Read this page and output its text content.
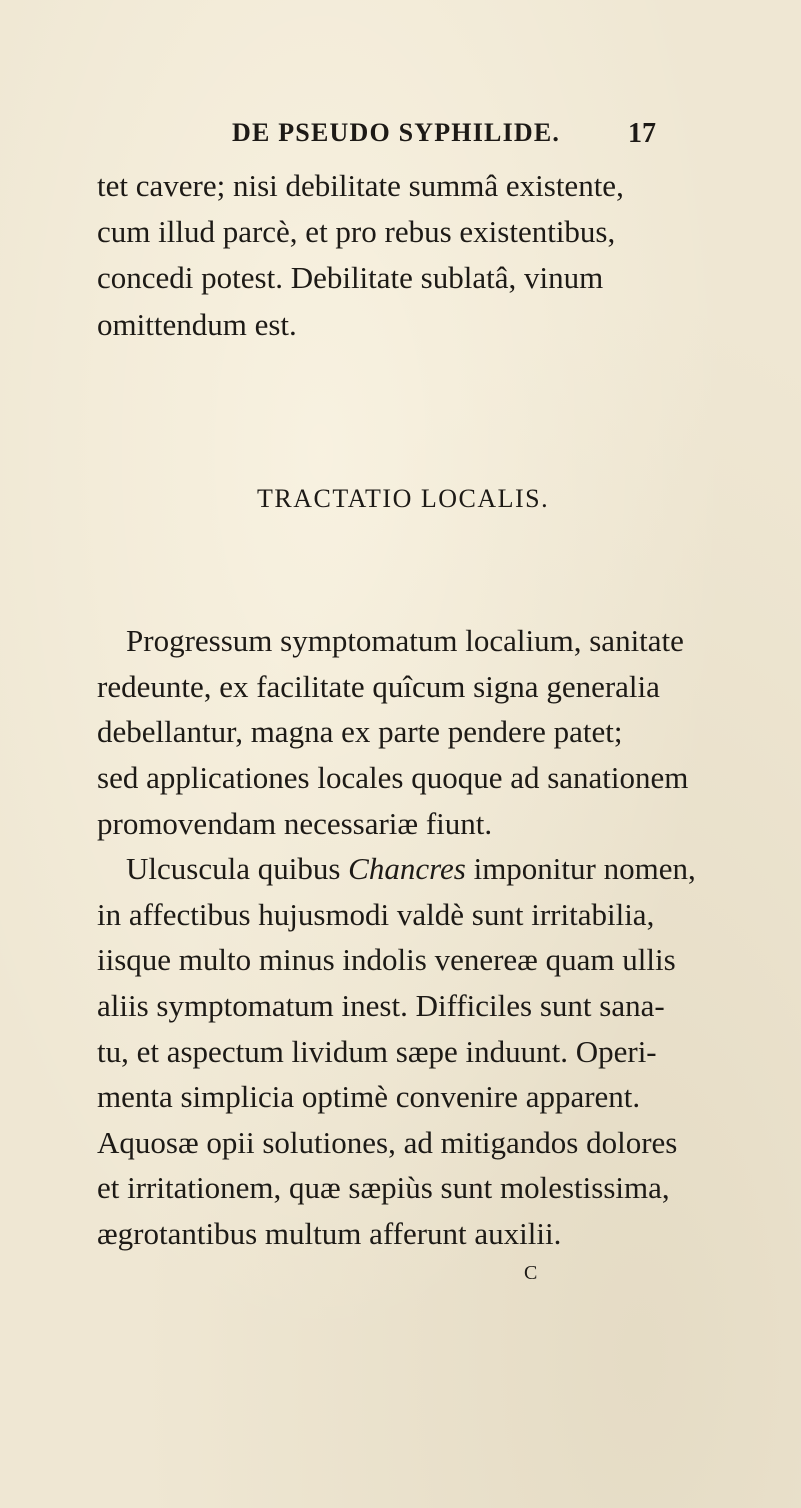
DE PSEUDO SYPHILIDE. 17
tet cavere; nisi debilitate summâ existente,
cum illud parcè, et pro rebus existentibus,
concedi potest. Debilitate sublatâ, vinum
omittendum est.
TRACTATIO LOCALIS.
Progressum symptomatum localium, sanitate
redeunte, ex facilitate quîcum signa generalia
debellantur, magna ex parte pendere patet;
sed applicationes locales quoque ad sanationem
promovendam necessariæ fiunt.
Ulcuscula quibus Chancres imponitur nomen,
in affectibus hujusmodi valdè sunt irritabilia,
iisque multo minus indolis venereæ quam ullis
aliis symptomatum inest. Difficiles sunt sana-
tu, et aspectum lividum sæpe induunt. Operi-
menta simplicia optimè convenire apparent.
Aquosæ opii solutiones, ad mitigandos dolores
et irritationem, quæ sæpiùs sunt molestissima,
ægrotantibus multum afferunt auxilii.
C
